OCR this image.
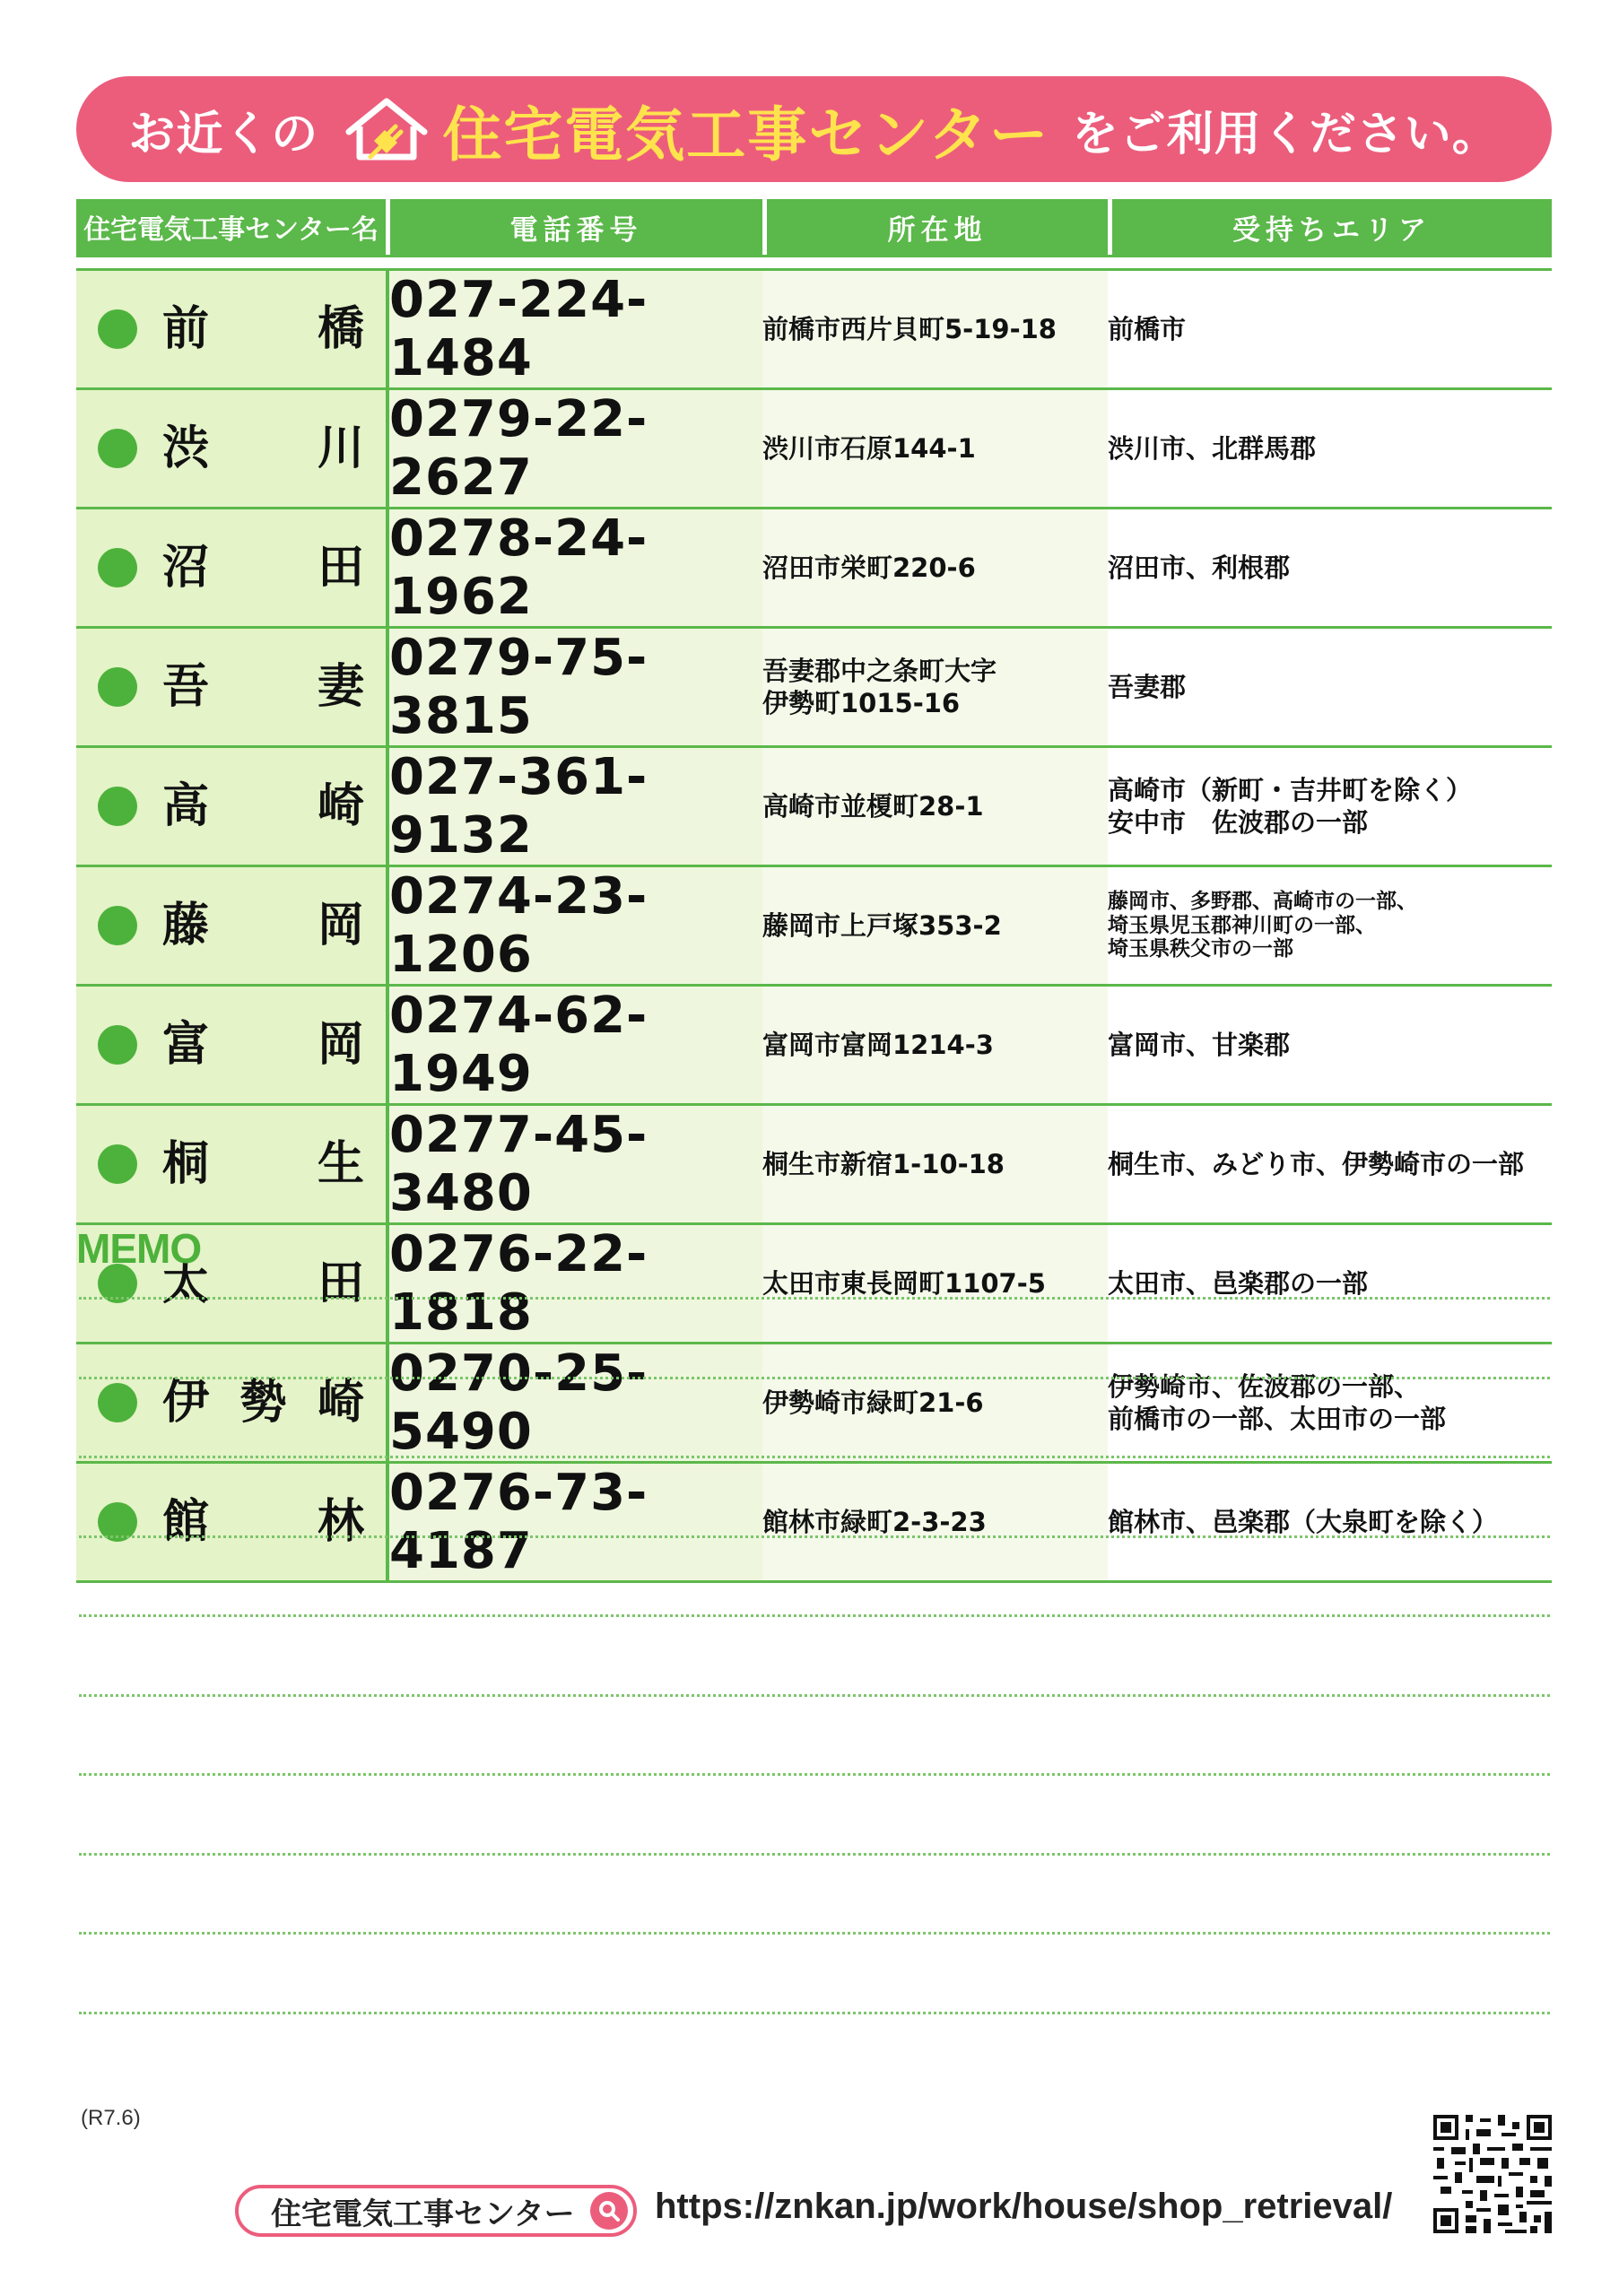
お近くの 住宅電気工事センター をご利用ください。
住宅電気工事センター名	電話番号	所在地	受持ちエリア

前 橋	027-224-1484	前橋市西片貝町5-19-18	前橋市

渋 川	0279-22-2627	渋川市石原144-1	渋川市、北群馬郡

沼 田	0278-24-1962	沼田市栄町220-6	沼田市、利根郡

吾 妻	0279-75-3815	吾妻郡中之条町大字
伊勢町1015-16	吾妻郡

高 崎	027-361-9132	高崎市並榎町28-1	高崎市（新町・吉井町を除く）
安中市　佐波郡の一部

藤 岡	0274-23-1206	藤岡市上戸塚353-2	藤岡市、多野郡、高崎市の一部、
埼玉県児玉郡神川町の一部、
埼玉県秩父市の一部

富 岡	0274-62-1949	富岡市富岡1214-3	富岡市、甘楽郡

桐 生	0277-45-3480	桐生市新宿1-10-18	桐生市、みどり市、伊勢崎市の一部

太 田	0276-22-1818	太田市東長岡町1107-5	太田市、邑楽郡の一部

伊 勢 崎	0270-25-5490	伊勢崎市緑町21-6	伊勢崎市、佐波郡の一部、
前橋市の一部、太田市の一部

館 林	0276-73-4187	館林市緑町2-3-23	館林市、邑楽郡（大泉町を除く）
MEMO
(R7.6)
住宅電気工事センター https://znkan.jp/work/house/shop_retrieval/
